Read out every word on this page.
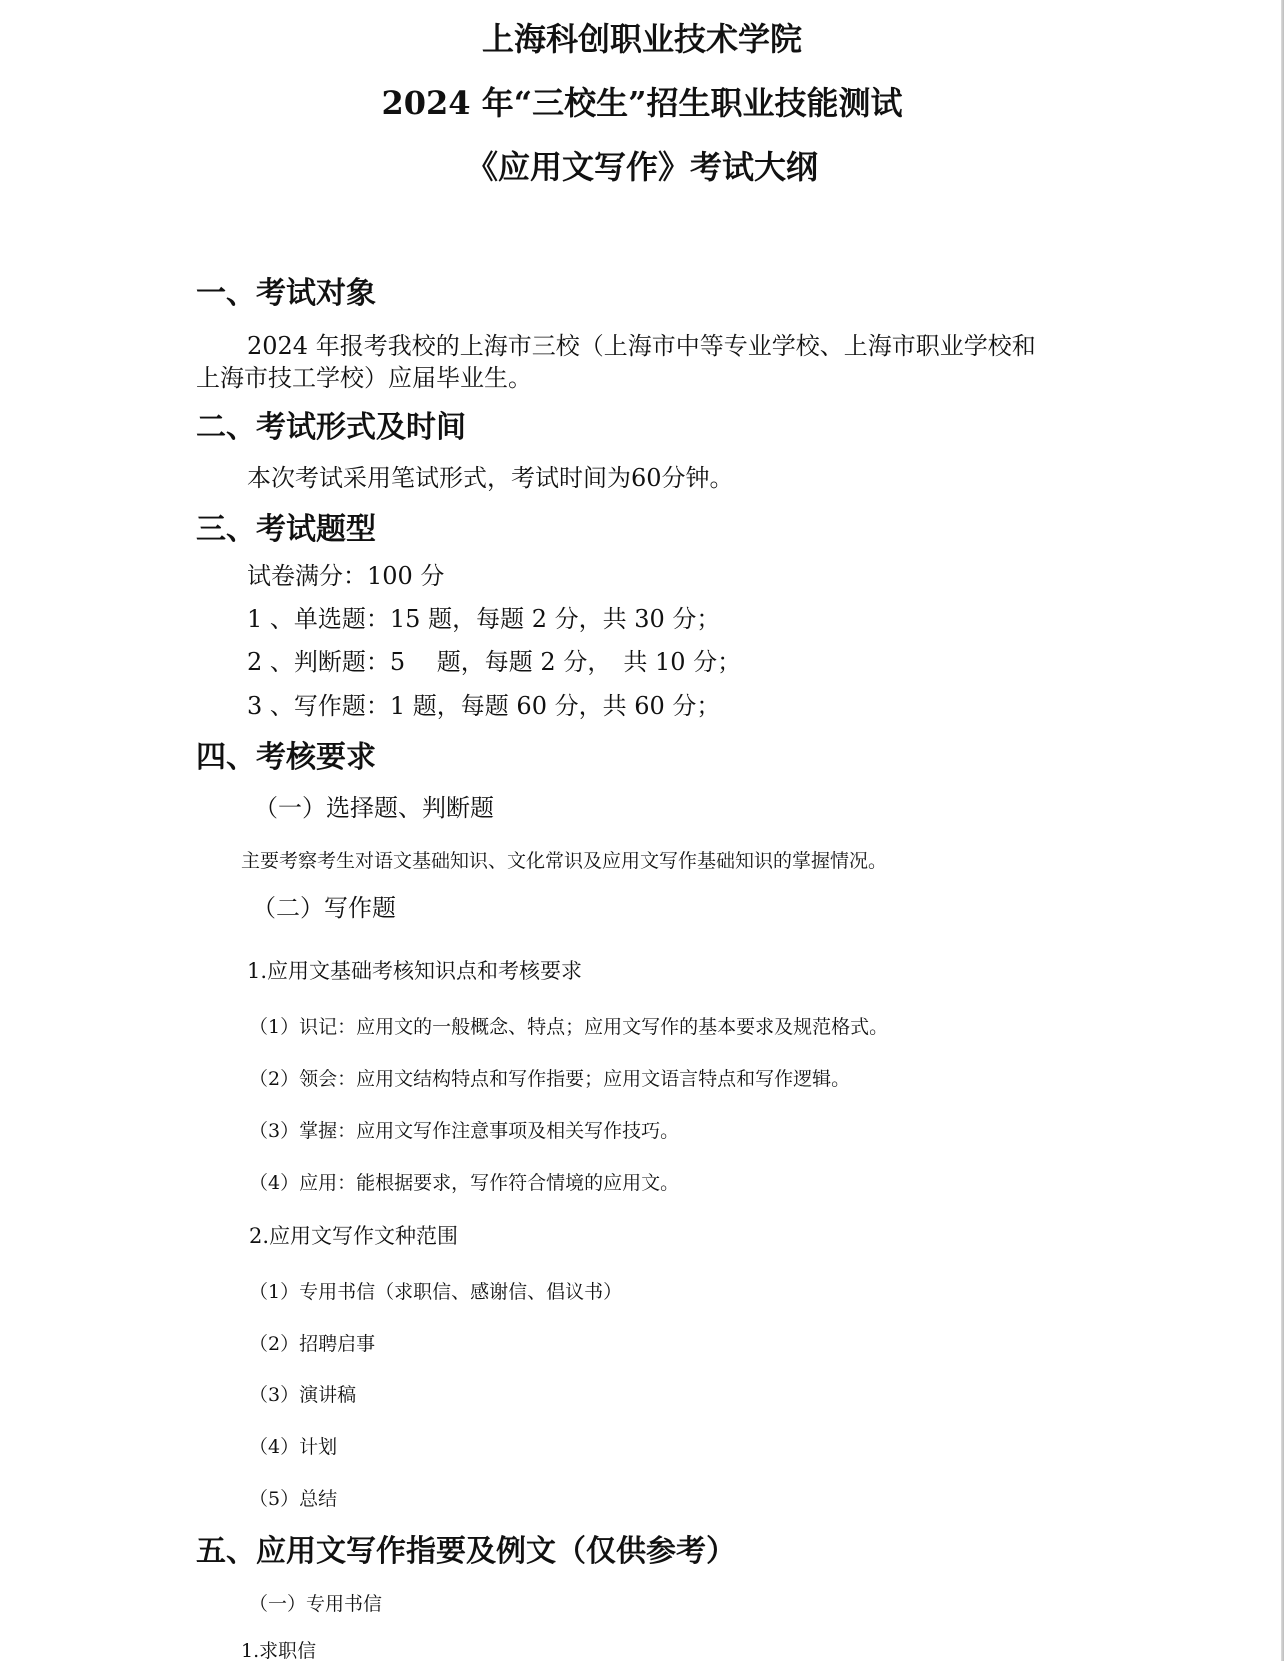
上海科创职业技术学院
2024 年“三校生”招生职业技能测试
《应用文写作》考试大纲
一、考试对象
2024 年报考我校的上海市三校（上海市中等专业学校、上海市职业学校和
上海市技工学校）应届毕业生。
二、考试形式及时间
本次考试采用笔试形式，考试时间为60分钟。
三、考试题型
试卷满分：100 分
1 、单选题：15 题，每题 2 分，共 30 分；
2 、判断题：5　 题，每题 2 分，　共 10 分；
3 、写作题：1 题，每题 60 分，共 60 分；
四、考核要求
（一）选择题、判断题
主要考察考生对语文基础知识、文化常识及应用文写作基础知识的掌握情况。
（二）写作题
1.应用文基础考核知识点和考核要求
（1）识记：应用文的一般概念、特点；应用文写作的基本要求及规范格式。
（2）领会：应用文结构特点和写作指要；应用文语言特点和写作逻辑。
（3）掌握：应用文写作注意事项及相关写作技巧。
（4）应用：能根据要求，写作符合情境的应用文。
2.应用文写作文种范围
（1）专用书信（求职信、感谢信、倡议书）
（2）招聘启事
（3）演讲稿
（4）计划
（5）总结
五、应用文写作指要及例文（仅供参考）
（一）专用书信
1.求职信
